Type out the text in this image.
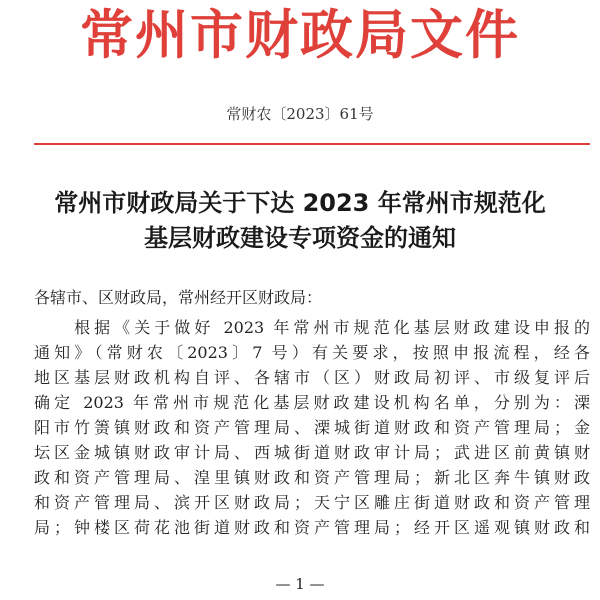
常州市财政局文件
常财农〔2023〕61号
常州市财政局关于下达 2023 年常州市规范化
基层财政建设专项资金的通知
各辖市、区财政局，常州经开区财政局：
　　根据《关于做好 2023 年常州市规范化基层财政建设申报的
通知》（常财农〔2023〕7 号）有关要求，按照申报流程，经各
地区基层财政机构自评、各辖市（区）财政局初评、市级复评后
确定 2023 年常州市规范化基层财政建设机构名单，分别为：溧
阳市竹箦镇财政和资产管理局、溧城街道财政和资产管理局；金
坛区金城镇财政审计局、西城街道财政审计局；武进区前黄镇财
政和资产管理局、湟里镇财政和资产管理局；新北区奔牛镇财政
和资产管理局、滨开区财政局；天宁区雕庄街道财政和资产管理
局；钟楼区荷花池街道财政和资产管理局；经开区遥观镇财政和
— 1 —
